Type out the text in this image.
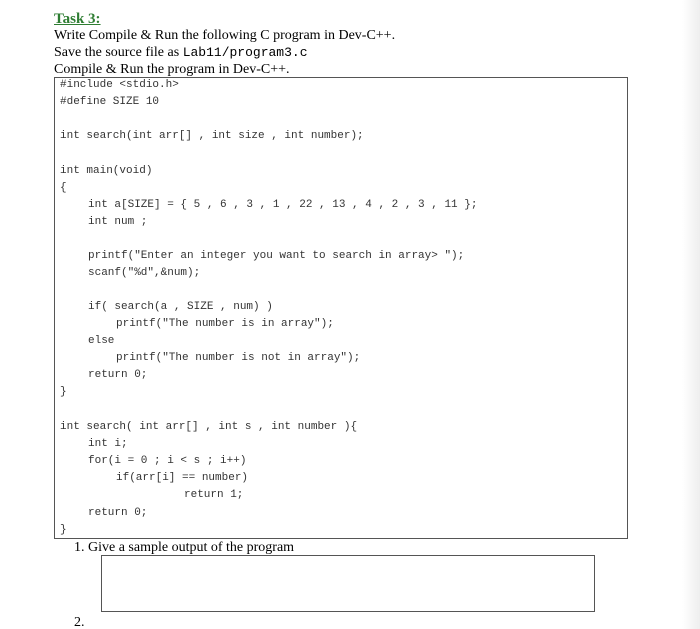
Task 3:
Write Compile & Run the following C program in Dev-C++.
Save the source file as Lab11/program3.c
Compile & Run the program in Dev-C++.
#include <stdio.h>
#define SIZE 10
int search(int arr[] , int size , int number);
int main(void)
{
int a[SIZE] = { 5 , 6 , 3 , 1 , 22 , 13 , 4 , 2 , 3 , 11 };
int num ;
printf("Enter an integer you want to search in array> ");
scanf("%d",&num);
if( search(a , SIZE , num) )
printf("The number is in array");
else
printf("The number is not in array");
return 0;
}
int search( int arr[] , int s , int number ){
int i;
for(i = 0 ; i < s ; i++)
if(arr[i] == number)
return 1;
return 0;
}
1. Give a sample output of the program
2.
